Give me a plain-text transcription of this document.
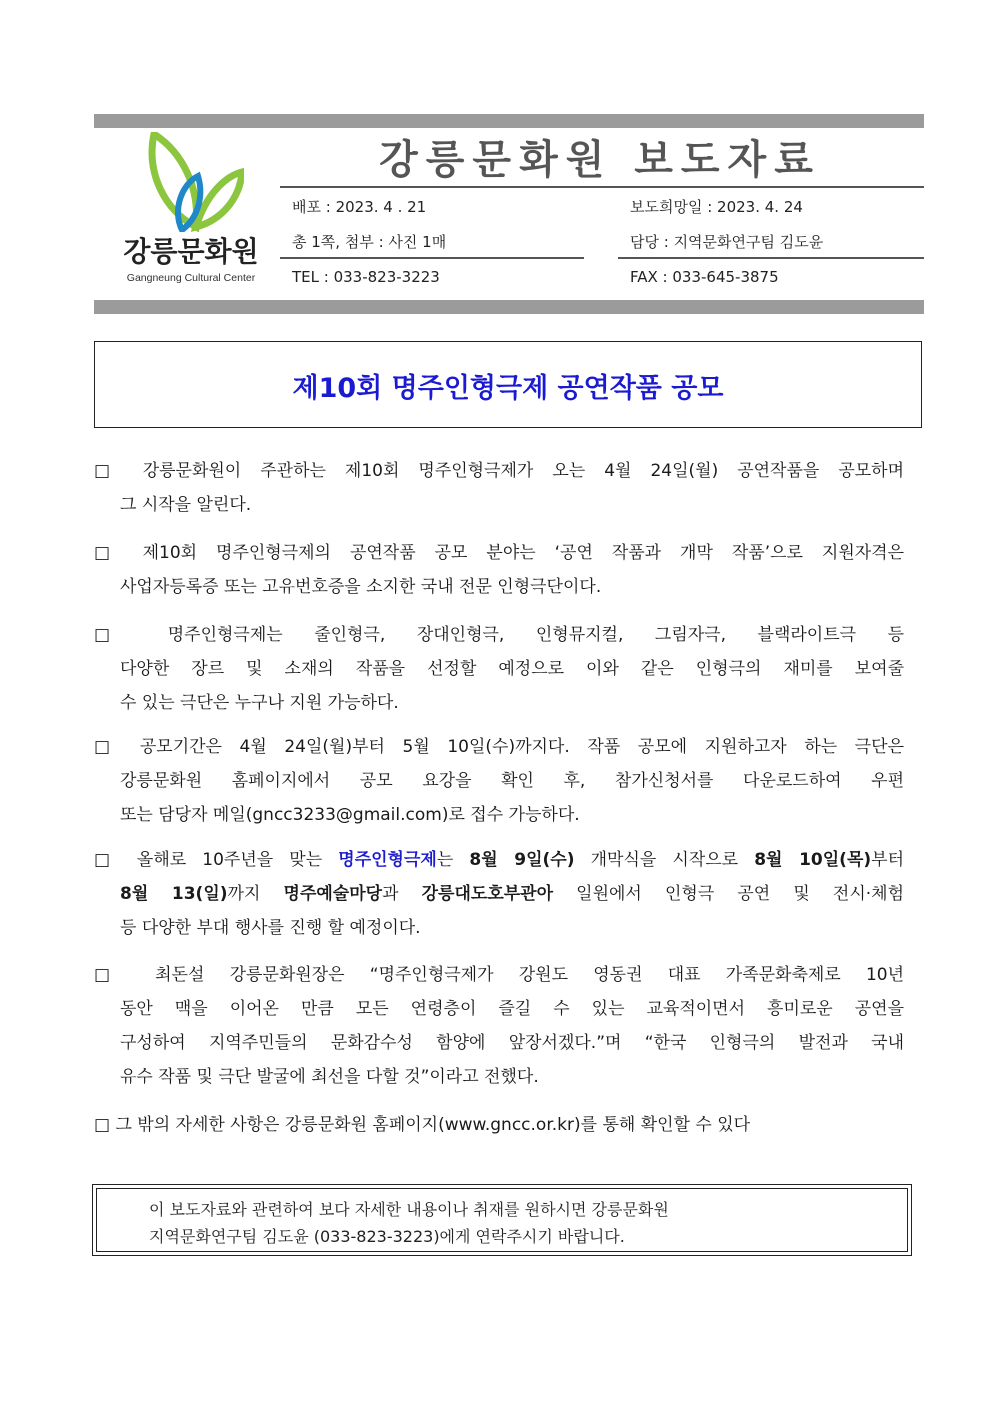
강릉문화원
Gangneung Cultural Center
강릉문화원 보도자료
배포 : 2023. 4 . 21	보도희망일 : 2023. 4. 24
총 1쪽, 첨부 : 사진 1매	담당 : 지역문화연구팀 김도윤
TEL : 033-823-3223	FAX : 033-645-3875
제10회 명주인형극제 공연작품 공모
□ 강릉문화원이 주관하는 제10회 명주인형극제가 오는 4월 24일(월) 공연작품을 공모하며
그 시작을 알린다.
□ 제10회 명주인형극제의 공연작품 공모 분야는 ‘공연 작품과 개막 작품’으로 지원자격은
사업자등록증 또는 고유번호증을 소지한 국내 전문 인형극단이다.
□ 명주인형극제는 줄인형극, 장대인형극, 인형뮤지컬, 그림자극, 블랙라이트극 등
다양한 장르 및 소재의 작품을 선정할 예정으로 이와 같은 인형극의 재미를 보여줄
수 있는 극단은 누구나 지원 가능하다.
□ 공모기간은 4월 24일(월)부터 5월 10일(수)까지다. 작품 공모에 지원하고자 하는 극단은
강릉문화원 홈페이지에서 공모 요강을 확인 후, 참가신청서를 다운로드하여 우편
또는 담당자 메일(gncc3233@gmail.com)로 접수 가능하다.
□ 올해로 10주년을 맞는 명주인형극제는 8월 9일(수) 개막식을 시작으로 8월 10일(목)부터
8월 13(일)까지 명주예술마당과 강릉대도호부관아 일원에서 인형극 공연 및 전시·체험
등 다양한 부대 행사를 진행 할 예정이다.
□ 최돈설 강릉문화원장은 “명주인형극제가 강원도 영동권 대표 가족문화축제로 10년
동안 맥을 이어온 만큼 모든 연령층이 즐길 수 있는 교육적이면서 흥미로운 공연을
구성하여 지역주민들의 문화감수성 함양에 앞장서겠다.”며 “한국 인형극의 발전과 국내
유수 작품 및 극단 발굴에 최선을 다할 것”이라고 전했다.
□ 그 밖의 자세한 사항은 강릉문화원 홈페이지(www.gncc.or.kr)를 통해 확인할 수 있다
이 보도자료와 관련하여 보다 자세한 내용이나 취재를 원하시면 강릉문화원
지역문화연구팀 김도윤 (033-823-3223)에게 연락주시기 바랍니다.
